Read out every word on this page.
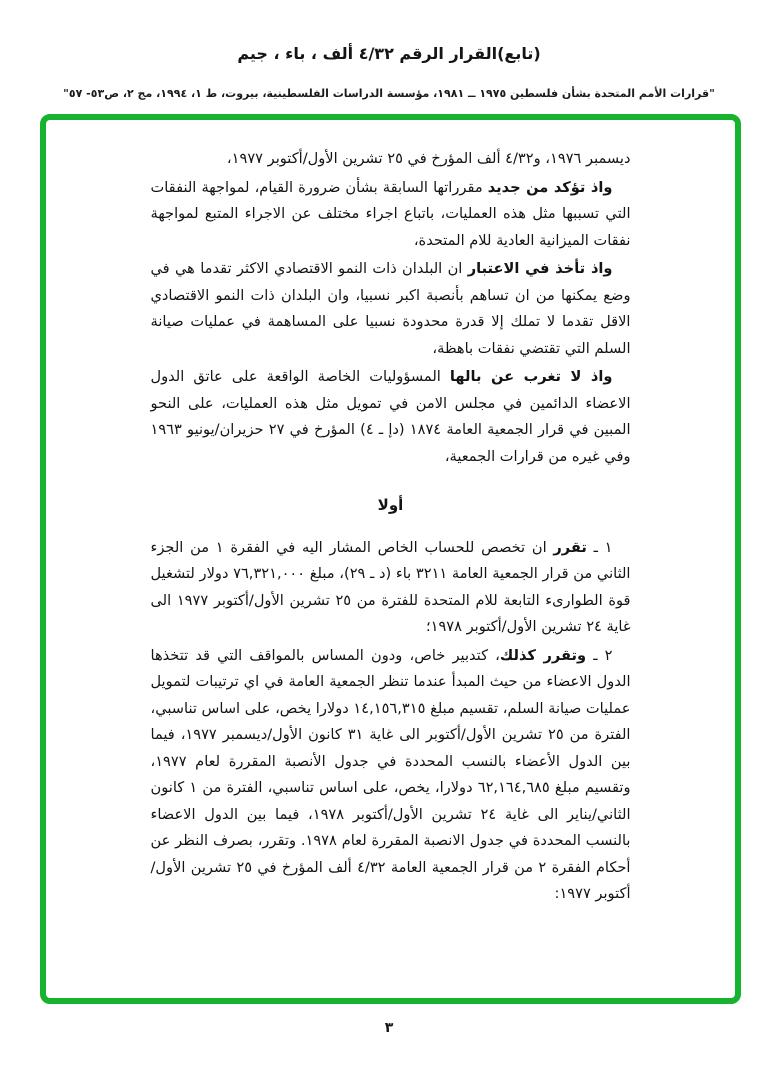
(تابع)القرار الرقم ٤/٣٢ ألف ، باء ، جيم
"قرارات الأمم المتحدة بشأن فلسطين ١٩٧٥ ــ ١٩٨١، مؤسسة الدراسات الفلسطينية، بيروت، ط ١، ١٩٩٤، مج ٢، ص٥٣- ٥٧"

ديسمبر ١٩٧٦، و٤/٣٢ ألف المؤرخ في ٢٥ تشرين الأول/أكتوبر ١٩٧٧،

واذ تؤكد من جديد مقرراتها السابقة بشأن ضرورة القيام، لمواجهة النفقات التي تسببها مثل هذه العمليات، باتباع اجراء مختلف عن الاجراء المتبع لمواجهة نفقات الميزانية العادية للام المتحدة،

واذ تأخذ في الاعتبار ان البلدان ذات النمو الاقتصادي الاكثر تقدما هي في وضع يمكنها من ان تساهم بأنصبة اكبر نسبيا، وان البلدان ذات النمو الاقتصادي الاقل تقدما لا تملك إلا قدرة محدودة نسبيا على المساهمة في عمليات صيانة السلم التي تقتضي نفقات باهظة،

واذ لا تغرب عن بالها المسؤوليات الخاصة الواقعة على عاتق الدول الاعضاء الدائمين في مجلس الامن في تمويل مثل هذه العمليات، على النحو المبين في قرار الجمعية العامة ١٨٧٤ (دإ ـ ٤) المؤرخ في ٢٧ حزيران/يونيو ١٩٦٣ وفي غيره من قرارات الجمعية،

أولا

١ ـ تقرر ان تخصص للحساب الخاص المشار اليه في الفقرة ١ من الجزء الثاني من قرار الجمعية العامة ٣٢١١ باء (د ـ ٢٩)، مبلغ ٧٦,٣٢١,٠٠٠ دولار لتشغيل قوة الطوارىء التابعة للام المتحدة للفترة من ٢٥ تشرين الأول/أكتوبر ١٩٧٧ الى غاية ٢٤ تشرين الأول/أكتوبر ١٩٧٨؛

٢ ـ وتقرر كذلك، كتدبير خاص، ودون المساس بالمواقف التي قد تتخذها الدول الاعضاء من حيث المبدأ عندما تنظر الجمعية العامة في اي ترتيبات لتمويل عمليات صيانة السلم، تقسيم مبلغ ١٤,١٥٦,٣١٥ دولارا يخص، على اساس تناسبي، الفترة من ٢٥ تشرين الأول/أكتوبر الى غاية ٣١ كانون الأول/ديسمبر ١٩٧٧، فيما بين الدول الأعضاء بالنسب المحددة في جدول الأنصبة المقررة لعام ١٩٧٧، وتقسيم مبلغ ٦٢,١٦٤,٦٨٥ دولارا، يخص، على اساس تناسبي، الفترة من ١ كانون الثاني/يناير الى غاية ٢٤ تشرين الأول/أكتوبر ١٩٧٨، فيما بين الدول الاعضاء بالنسب المحددة في جدول الانصبة المقررة لعام ١٩٧٨. وتقرر، بصرف النظر عن أحكام الفقرة ٢ من قرار الجمعية العامة ٤/٣٢ ألف المؤرخ في ٢٥ تشرين الأول/أكتوبر ١٩٧٧:

٣
